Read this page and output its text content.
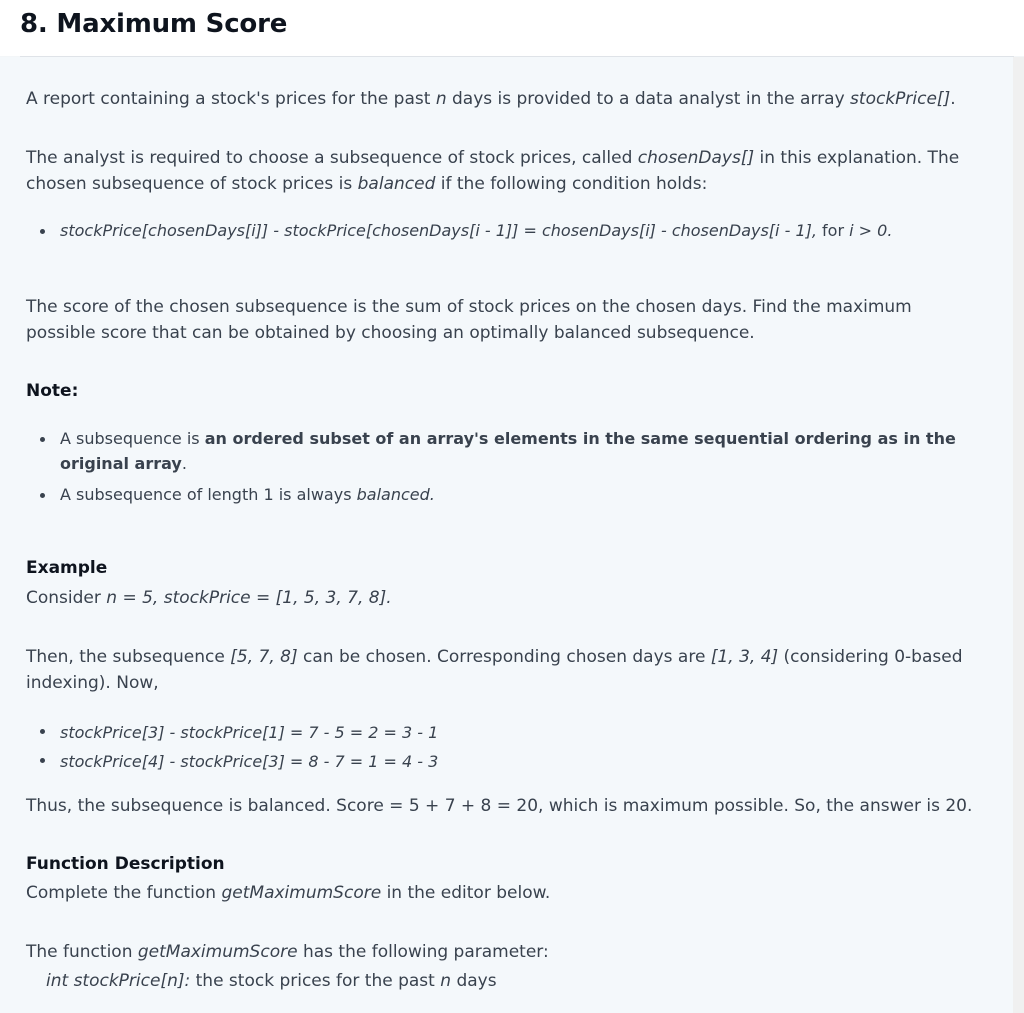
8. Maximum Score

A report containing a stock's prices for the past n days is provided to a data analyst in the array stockPrice[].

The analyst is required to choose a subsequence of stock prices, called chosenDays[] in this explanation. The chosen subsequence of stock prices is balanced if the following condition holds:

stockPrice[chosenDays[i]] - stockPrice[chosenDays[i - 1]] = chosenDays[i] - chosenDays[i - 1], for i > 0.

The score of the chosen subsequence is the sum of stock prices on the chosen days. Find the maximum possible score that can be obtained by choosing an optimally balanced subsequence.

Note:

A subsequence is an ordered subset of an array's elements in the same sequential ordering as in the original array.
A subsequence of length 1 is always balanced.

Example

Consider n = 5, stockPrice = [1, 5, 3, 7, 8].

Then, the subsequence [5, 7, 8] can be chosen. Corresponding chosen days are [1, 3, 4] (considering 0-based indexing). Now,

stockPrice[3] - stockPrice[1] = 7 - 5 = 2 = 3 - 1
stockPrice[4] - stockPrice[3] = 8 - 7 = 1 = 4 - 3

Thus, the subsequence is balanced. Score = 5 + 7 + 8 = 20, which is maximum possible. So, the answer is 20.

Function Description

Complete the function getMaximumScore in the editor below.

The function getMaximumScore has the following parameter:

int stockPrice[n]: the stock prices for the past n days
